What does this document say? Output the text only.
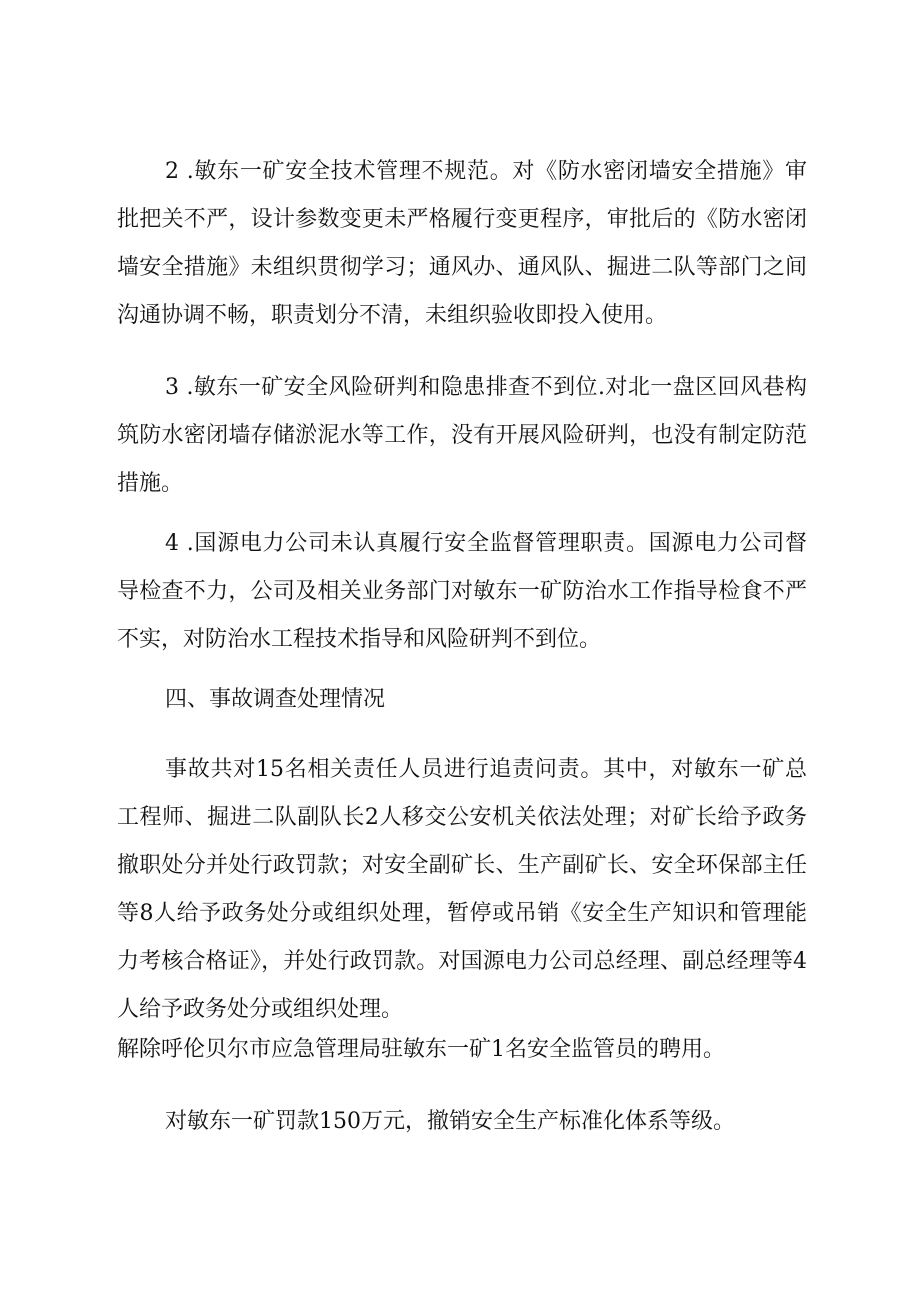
2 .敏东一矿安全技术管理不规范。对《防水密闭墙安全措施》审批把关不严，设计参数变更未严格履行变更程序，审批后的《防水密闭墙安全措施》未组织贯彻学习；通风办、通风队、掘进二队等部门之间沟通协调不畅，职责划分不清，未组织验收即投入使用。

3 .敏东一矿安全风险研判和隐患排查不到位.对北一盘区回风巷构筑防水密闭墙存储淤泥水等工作，没有开展风险研判，也没有制定防范措施。

4 .国源电力公司未认真履行安全监督管理职责。国源电力公司督导检查不力，公司及相关业务部门对敏东一矿防治水工作指导检食不严不实，对防治水工程技术指导和风险研判不到位。

四、事故调查处理情况

事故共对15名相关责任人员进行追责问责。其中，对敏东一矿总工程师、掘进二队副队长2人移交公安机关依法处理；对矿长给予政务撤职处分并处行政罚款；对安全副矿长、生产副矿长、安全环保部主任等8人给予政务处分或组织处理，暂停或吊销《安全生产知识和管理能力考核合格证》，并处行政罚款。对国源电力公司总经理、副总经理等4人给予政务处分或组织处理。

解除呼伦贝尔市应急管理局驻敏东一矿1名安全监管员的聘用。

对敏东一矿罚款150万元，撤销安全生产标准化体系等级。
